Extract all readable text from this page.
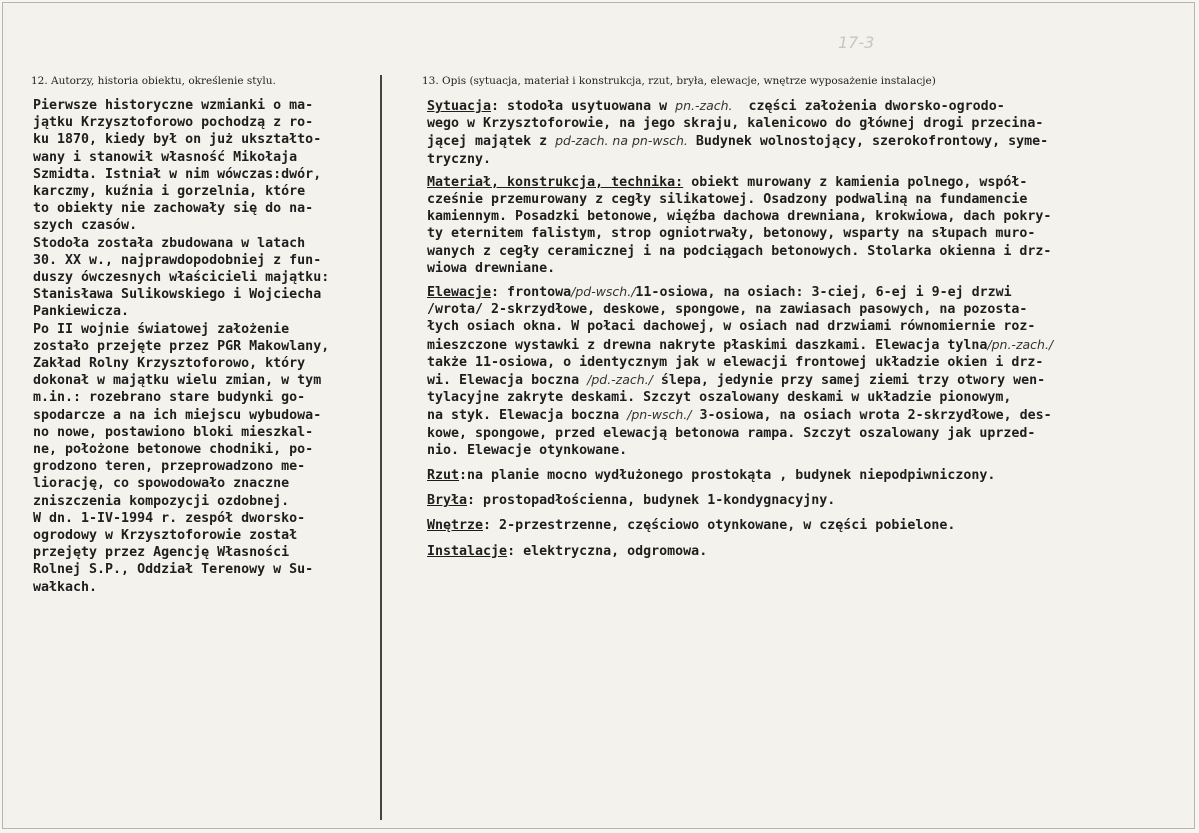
17-3
12. Autorzy, historia obiektu, określenie stylu.	13. Opis (sytuacja, materiał i konstrukcja, rzut, bryła, elewacje, wnętrze wyposażenie instalacje)

Pierwsze historyczne wzmianki o ma-

jątku Krzysztoforowo pochodzą z ro-

ku 1870, kiedy był on już ukształto-

wany i stanowił własność Mikołaja

Szmidta. Istniał w nim wówczas:dwór,

karczmy, kuźnia i gorzelnia, które

to obiekty nie zachowały się do na-

szych czasów.

Stodoła została zbudowana w latach

30. XX w., najprawdopodobniej z fun-

duszy ówczesnych właścicieli majątku:

Stanisława Sulikowskiego i Wojciecha

Pankiewicza.

Po II wojnie światowej założenie

zostało przejęte przez PGR Makowlany,

Zakład Rolny Krzysztoforowo, który

dokonał w majątku wielu zmian, w tym

m.in.: rozebrano stare budynki go-

spodarcze a na ich miejscu wybudowa-

no nowe, postawiono bloki mieszkal-

ne, położone betonowe chodniki, po-

grodzono teren, przeprowadzono me-

liorację, co spowodowało znaczne

zniszczenia kompozycji ozdobnej.

W dn. 1-IV-1994 r. zespół dworsko-

ogrodowy w Krzysztoforowie został

przejęty przez Agencję Własności

Rolnej S.P., Oddział Terenowy w Su-

wałkach.

Sytuacja: stodoła usytuowana w pn.-zach.  części założenia dworsko-ogrodo-

wego w Krzysztoforowie, na jego skraju, kalenicowo do głównej drogi przecina-

jącej majątek z pd-zach. na pn-wsch. Budynek wolnostojący, szerokofrontowy, syme-

tryczny.

Materiał, konstrukcja, technika: obiekt murowany z kamienia polnego, współ-

cześnie przemurowany z cegły silikatowej. Osadzony podwaliną na fundamencie

kamiennym. Posadzki betonowe, więźba dachowa drewniana, krokwiowa, dach pokry-

ty eternitem falistym, strop ogniotrwały, betonowy, wsparty na słupach muro-

wanych z cegły ceramicznej i na podciągach betonowych. Stolarka okienna i drz-

wiowa drewniane.

Elewacje: frontowa/pd-wsch./11-osiowa, na osiach: 3-ciej, 6-ej i 9-ej drzwi

/wrota/ 2-skrzydłowe, deskowe, spongowe, na zawiasach pasowych, na pozosta-

łych osiach okna. W połaci dachowej, w osiach nad drzwiami równomiernie roz-

mieszczone wystawki z drewna nakryte płaskimi daszkami. Elewacja tylna/pn.-zach./

także 11-osiowa, o identycznym jak w elewacji frontowej układzie okien i drz-

wi. Elewacja boczna /pd.-zach./ ślepa, jedynie przy samej ziemi trzy otwory wen-

tylacyjne zakryte deskami. Szczyt oszalowany deskami w układzie pionowym,

na styk. Elewacja boczna /pn-wsch./ 3-osiowa, na osiach wrota 2-skrzydłowe, des-

kowe, spongowe, przed elewacją betonowa rampa. Szczyt oszalowany jak uprzed-

nio. Elewacje otynkowane.

Rzut:na planie mocno wydłużonego prostokąta , budynek niepodpiwniczony.

Bryła: prostopadłościenna, budynek 1-kondygnacyjny.

Wnętrze: 2-przestrzenne, częściowo otynkowane, w części pobielone.

Instalacje: elektryczna, odgromowa.
